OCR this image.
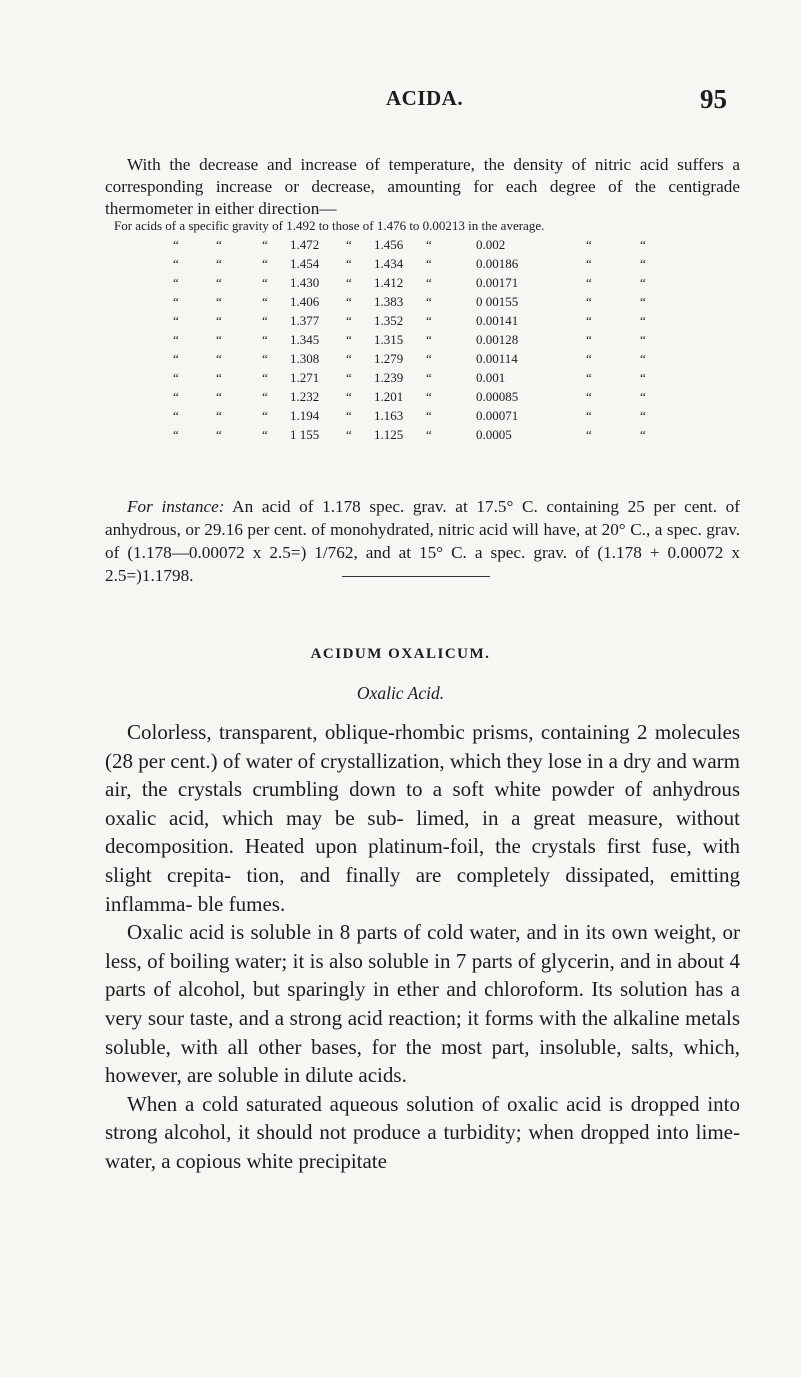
ACIDA.	95

With the decrease and increase of temperature, the density of nitric acid suffers a corresponding increase or decrease, amounting for each degree of the centigrade thermometer in either direction—

For acids of a specific gravity of 1.492 to those of 1.476 to 0.00213 in the average.
“	“	“ 1.472 “ 1.456 “	0.002	“	“
“	“	“ 1.454 “ 1.434 “	0.00186	“	“
“	“	“ 1.430 “ 1.412 “	0.00171	“	“
“	“	“ 1.406 “ 1.383 “	0 00155	“	“
“	“	“ 1.377 “ 1.352 “	0.00141	“	“
“	“	“ 1.345 “ 1.315 “	0.00128	“	“
“	“	“ 1.308 “ 1.279 “	0.00114	“	“
“	“	“ 1.271 “ 1.239 “	0.001	“	“
“	“	“ 1.232 “ 1.201 “	0.00085	“	“
“	“	“ 1.194 “ 1.163 “	0.00071	“	“
“	“	“ 1 155 “ 1.125 “	0.0005	“	“

For instance: An acid of 1.178 spec. grav. at 17.5° C. containing 25 per cent. of anhydrous, or 29.16 per cent. of monohydrated, nitric acid will have, at 20° C., a spec. grav. of (1.178—0.00072 x 2.5=) 1/762, and at 15° C. a spec. grav. of (1.178 + 0.00072 x 2.5=)1.1798.

ACIDUM OXALICUM.
Oxalic Acid.

Colorless, transparent, oblique-rhombic prisms, containing 2 molecules (28 per cent.) of water of crystallization, which they lose in a dry and warm air, the crystals crumbling down to a soft white powder of anhydrous oxalic acid, which may be sub- limed, in a great measure, without decomposition. Heated upon platinum-foil, the crystals first fuse, with slight crepita- tion, and finally are completely dissipated, emitting inflamma- ble fumes.

Oxalic acid is soluble in 8 parts of cold water, and in its own weight, or less, of boiling water; it is also soluble in 7 parts of glycerin, and in about 4 parts of alcohol, but sparingly in ether and chloroform. Its solution has a very sour taste, and a strong acid reaction; it forms with the alkaline metals soluble, with all other bases, for the most part, insoluble, salts, which, however, are soluble in dilute acids.

When a cold saturated aqueous solution of oxalic acid is dropped into strong alcohol, it should not produce a turbidity; when dropped into lime-water, a copious white precipitate
